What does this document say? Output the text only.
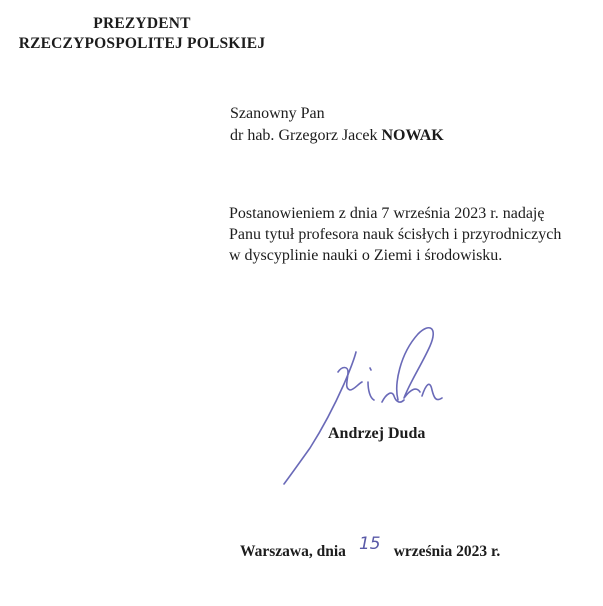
PREZYDENT
RZECZYPOSPOLITEJ POLSKIEJ
Szanowny Pan
dr hab. Grzegorz Jacek NOWAK
Postanowieniem z dnia 7 września 2023 r. nadaję
Panu tytuł profesora nauk ścisłych i przyrodniczych
w dyscyplinie nauki o Ziemi i środowisku.
Andrzej Duda
Warszawa, dnia 15 września 2023 r.
